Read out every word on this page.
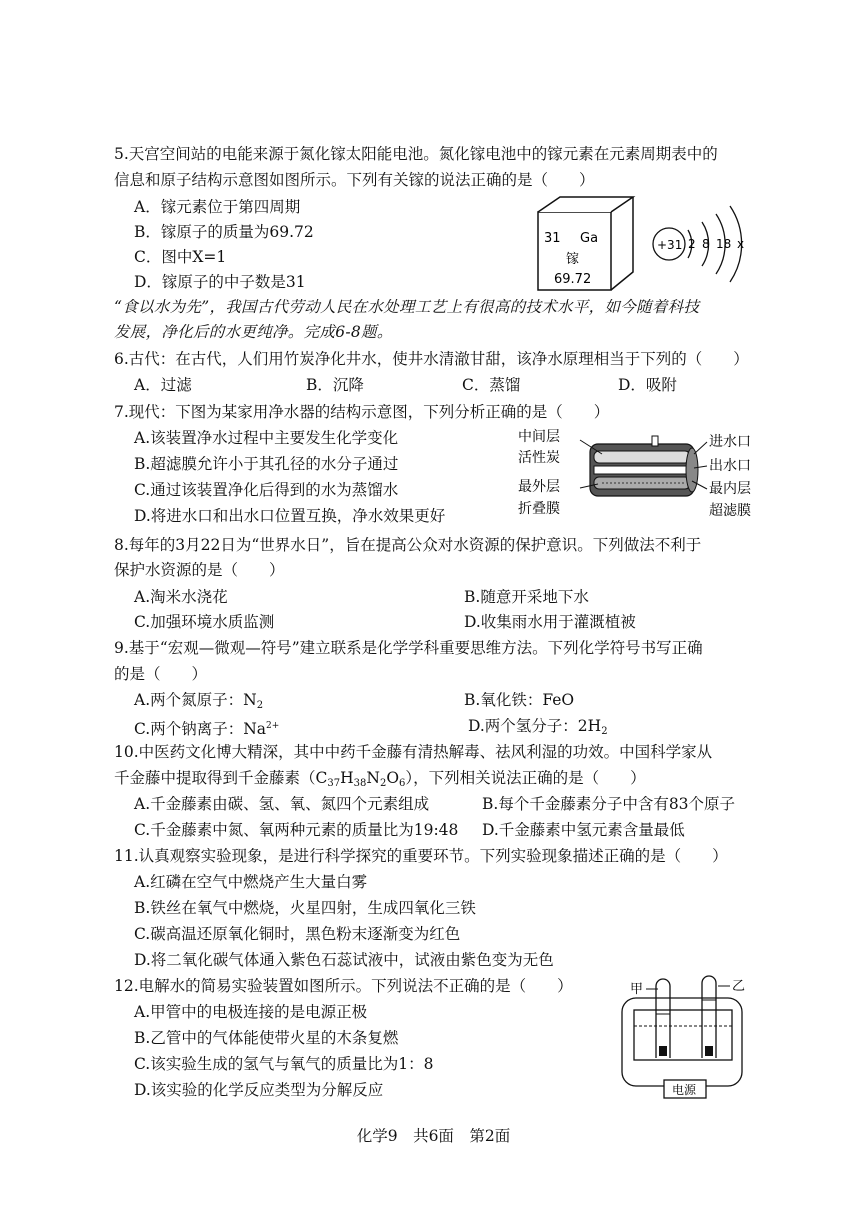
5.天宫空间站的电能来源于氮化镓太阳能电池。氮化镓电池中的镓元素在元素周期表中的
信息和原子结构示意图如图所示。下列有关镓的说法正确的是（　　）
A．镓元素位于第四周期
B．镓原子的质量为69.72
C．图中X=1
D．镓原子的中子数是31
31 Ga
镓
69.72
+31 2 8 18 x
“食以水为先”，我国古代劳动人民在水处理工艺上有很高的技术水平，如今随着科技
发展，净化后的水更纯净。完成6-8题。
6.古代：在古代，人们用竹炭净化井水，使井水清澈甘甜，该净水原理相当于下列的（　　）
A．过滤	B．沉降	C．蒸馏	D．吸附
7.现代：下图为某家用净水器的结构示意图，下列分析正确的是（　　）
A.该装置净水过程中主要发生化学变化
B.超滤膜允许小于其孔径的水分子通过
C.通过该装置净化后得到的水为蒸馏水
D.将进水口和出水口位置互换，净水效果更好
中间层
活性炭
最外层
折叠膜
进水口
出水口
最内层
超滤膜
8.每年的3月22日为“世界水日”，旨在提高公众对水资源的保护意识。下列做法不利于
保护水资源的是（　　）
A.淘米水浇花	B.随意开采地下水
C.加强环境水质监测	D.收集雨水用于灌溉植被
9.基于“宏观—微观—符号”建立联系是化学学科重要思维方法。下列化学符号书写正确
的是（　　）
A.两个氮原子：$N_2$	B.氧化铁：FeO
C.两个钠离子：$Na^{2+}$	D.两个氢分子：$2H_2$
10.中医药文化博大精深，其中中药千金藤有清热解毒、祛风利湿的功效。中国科学家从
千金藤中提取得到千金藤素$(C_{37}H_{38}N_2O_6)$，下列相关说法正确的是（　　）
A.千金藤素由碳、氢、氧、氮四个元素组成	B.每个千金藤素分子中含有83个原子
C.千金藤素中氮、氧两种元素的质量比为19:48 D.千金藤素中氢元素含量最低
11.认真观察实验现象，是进行科学探究的重要环节。下列实验现象描述正确的是（　　）
A.红磷在空气中燃烧产生大量白雾
B.铁丝在氧气中燃烧，火星四射，生成四氧化三铁
C.碳高温还原氧化铜时，黑色粉末逐渐变为红色
D.将二氧化碳气体通入紫色石蕊试液中，试液由紫色变为无色
12.电解水的简易实验装置如图所示。下列说法不正确的是（　　）
A.甲管中的电极连接的是电源正极
B.乙管中的气体能使带火星的木条复燃
C.该实验生成的氢气与氧气的质量比为1：8
D.该实验的化学反应类型为分解反应
甲	乙
电源
化学9　共6面　第2面
